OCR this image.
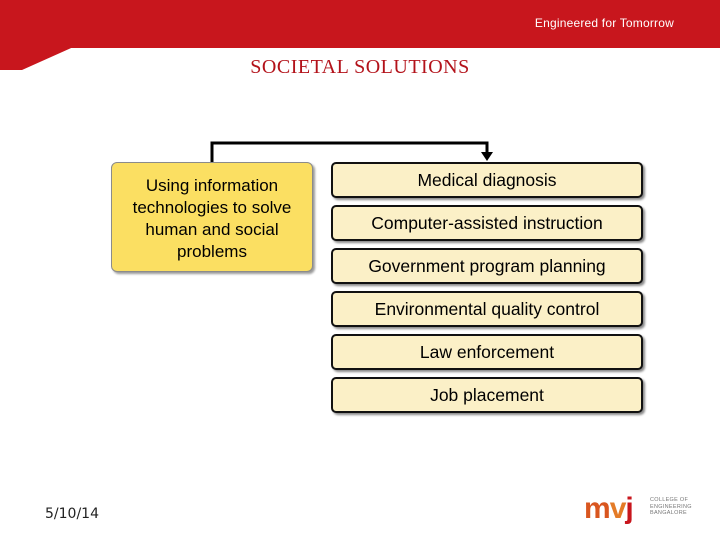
Engineered for Tomorrow
SOCIETAL SOLUTIONS
Using information technologies to solve human and social problems
Medical diagnosis
Computer-assisted instruction
Government program planning
Environmental quality control
Law enforcement
Job placement
5/10/14	mvj	COLLEGE OF
ENGINEERING
BANGALORE
